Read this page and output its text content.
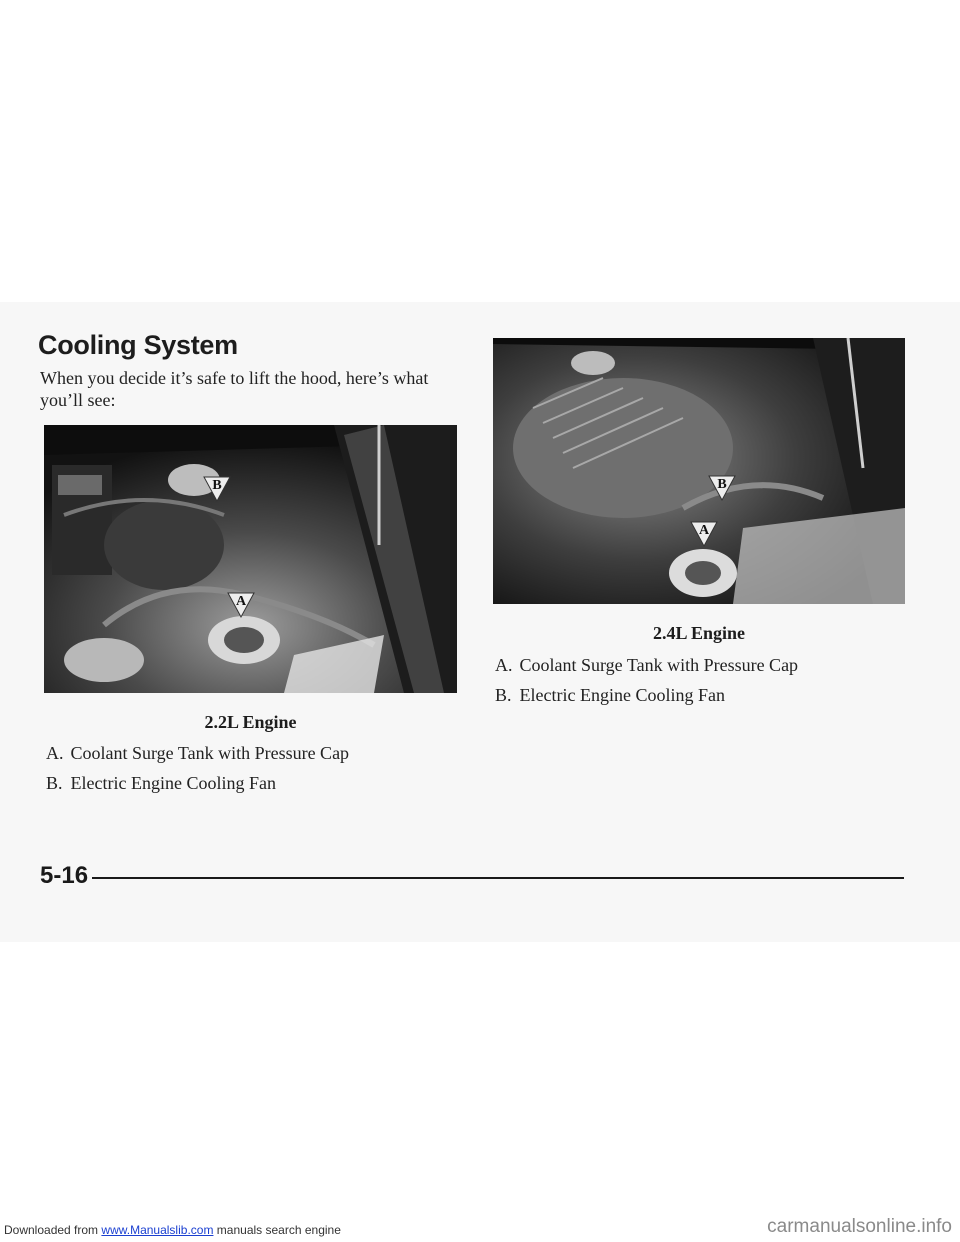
Cooling System

When you decide it’s safe to lift the hood, here’s what you’ll see:

B
A

2.2L Engine

A. Coolant Surge Tank with Pressure Cap
B. Electric Engine Cooling Fan
B
A

2.4L Engine

A. Coolant Surge Tank with Pressure Cap
B. Electric Engine Cooling Fan

5-16

Downloaded from www.Manualslib.com manuals search engine	carmanualsonline.info
